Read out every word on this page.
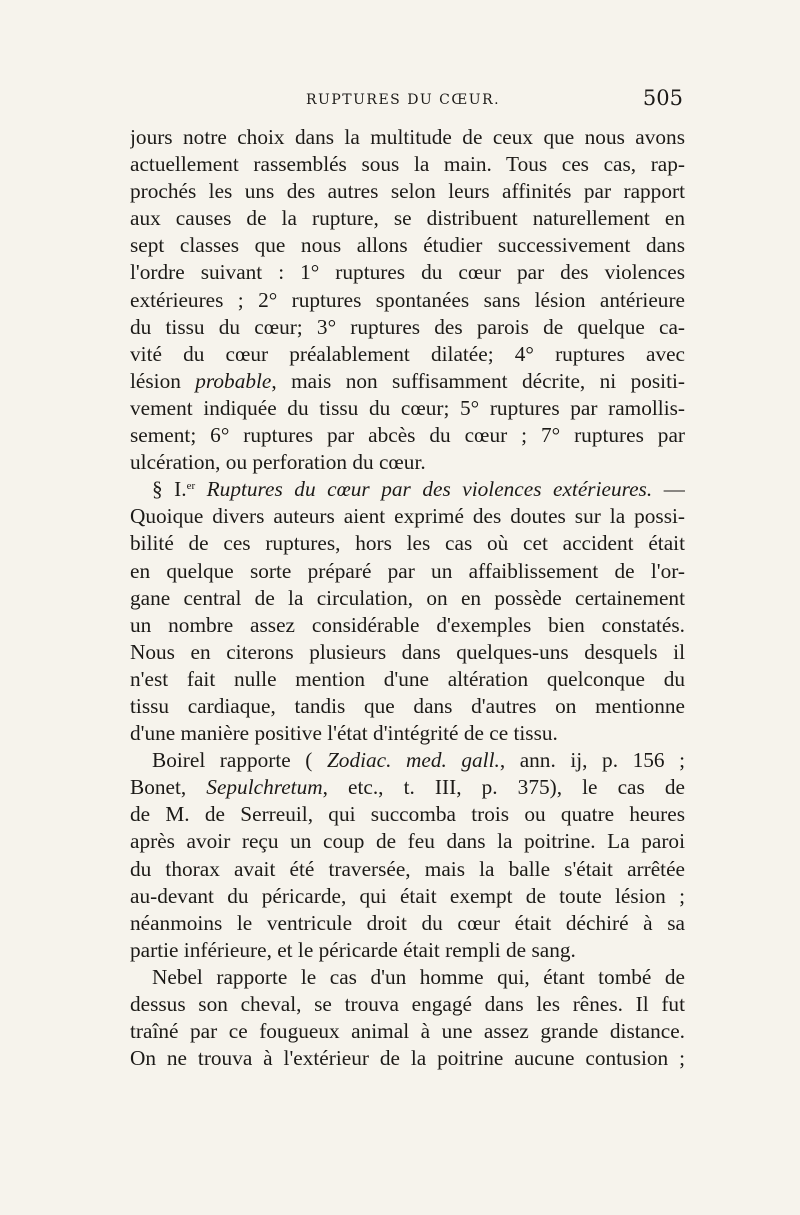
RUPTURES DU CŒUR.	505
jours notre choix dans la multitude de ceux que nous avons
actuellement rassemblés sous la main. Tous ces cas, rap-
prochés les uns des autres selon leurs affinités par rapport
aux causes de la rupture, se distribuent naturellement en
sept classes que nous allons étudier successivement dans
l'ordre suivant : 1° ruptures du cœur par des violences
extérieures ; 2° ruptures spontanées sans lésion antérieure
du tissu du cœur; 3° ruptures des parois de quelque ca-
vité du cœur préalablement dilatée; 4° ruptures avec
lésion probable, mais non suffisamment décrite, ni positi-
vement indiquée du tissu du cœur; 5° ruptures par ramollis-
sement; 6° ruptures par abcès du cœur ; 7° ruptures par
ulcération, ou perforation du cœur.
§ I.$^{er}$ Ruptures du cœur par des violences extérieures. —
Quoique divers auteurs aient exprimé des doutes sur la possi-
bilité de ces ruptures, hors les cas où cet accident était
en quelque sorte préparé par un affaiblissement de l'or-
gane central de la circulation, on en possède certainement
un nombre assez considérable d'exemples bien constatés.
Nous en citerons plusieurs dans quelques-uns desquels il
n'est fait nulle mention d'une altération quelconque du
tissu cardiaque, tandis que dans d'autres on mentionne
d'une manière positive l'état d'intégrité de ce tissu.
Boirel rapporte ( Zodiac. med. gall., ann. ij, p. 156 ;
Bonet, Sepulchretum, etc., t. III, p. 375), le cas de
de M. de Serreuil, qui succomba trois ou quatre heures
après avoir reçu un coup de feu dans la poitrine. La paroi
du thorax avait été traversée, mais la balle s'était arrêtée
au-devant du péricarde, qui était exempt de toute lésion ;
néanmoins le ventricule droit du cœur était déchiré à sa
partie inférieure, et le péricarde était rempli de sang.
Nebel rapporte le cas d'un homme qui, étant tombé de
dessus son cheval, se trouva engagé dans les rênes. Il fut
traîné par ce fougueux animal à une assez grande distance.
On ne trouva à l'extérieur de la poitrine aucune contusion ;
